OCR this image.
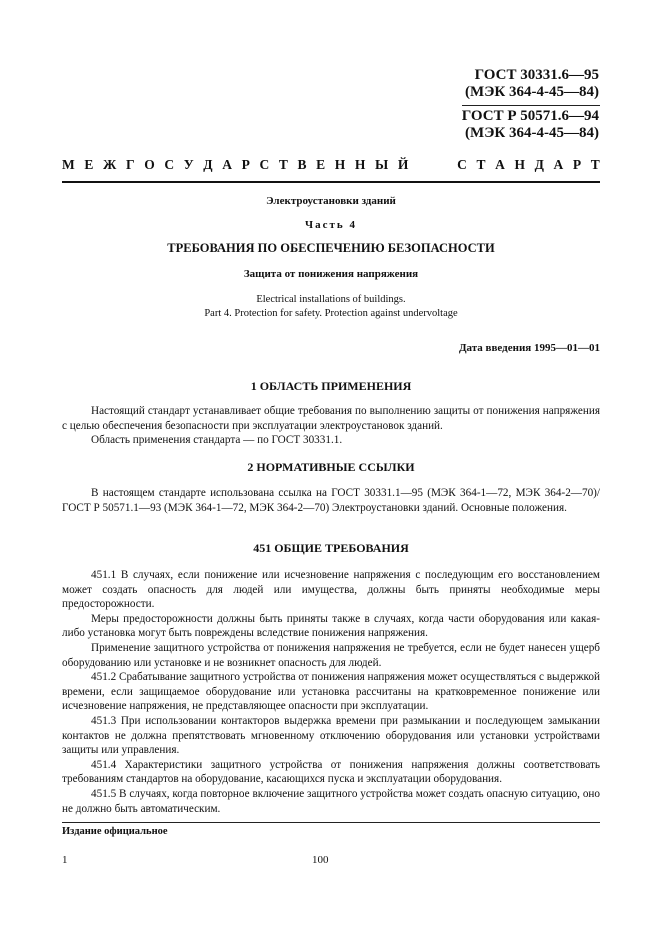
ГОСТ 30331.6—95
(МЭК 364-4-45—84)
ГОСТ Р 50571.6—94
(МЭК 364-4-45—84)
М Е Ж Г О С У Д А Р С Т В Е Н Н Ы Й

	С Т А Н Д А Р Т
Электроустановки зданий
Часть 4
ТРЕБОВАНИЯ ПО ОБЕСПЕЧЕНИЮ БЕЗОПАСНОСТИ
Защита от понижения напряжения
Electrical installations of buildings.
Part 4. Protection for safety. Protection against undervoltage
Дата введения 1995—01—01
1 ОБЛАСТЬ ПРИМЕНЕНИЯ

Настоящий стандарт устанавливает общие требования по выполнению защиты от понижения напряжения с целью обеспечения безопасности при эксплуатации электроустановок зданий.

Область применения стандарта — по ГОСТ 30331.1.

2 НОРМАТИВНЫЕ ССЫЛКИ

В настоящем стандарте использована ссылка на ГОСТ 30331.1—95 (МЭК 364-1—72, МЭК 364-2—70)/ГОСТ Р 50571.1—93 (МЭК 364-1—72, МЭК 364-2—70) Электроустановки зданий. Основные положения.

451 ОБЩИЕ ТРЕБОВАНИЯ

451.1 В случаях, если понижение или исчезновение напряжения с последующим его восстановлением может создать опасность для людей или имущества, должны быть приняты необходимые меры предосторожности.

Меры предосторожности должны быть приняты также в случаях, когда части оборудования или какая-либо установка могут быть повреждены вследствие понижения напряжения.

Применение защитного устройства от понижения напряжения не требуется, если не будет нанесен ущерб оборудованию или установке и не возникнет опасность для людей.

451.2 Срабатывание защитного устройства от понижения напряжения может осуществляться с выдержкой времени, если защищаемое оборудование или установка рассчитаны на кратковременное понижение или исчезновение напряжения, не представляющее опасности при эксплуатации.

451.3 При использовании контакторов выдержка времени при размыкании и последующем замыкании контактов не должна препятствовать мгновенному отключению оборудования или установки устройствами защиты или управления.

451.4 Характеристики защитного устройства от понижения напряжения должны соответствовать требованиям стандартов на оборудование, касающихся пуска и эксплуатации оборудования.

451.5 В случаях, когда повторное включение защитного устройства может создать опасную ситуацию, оно не должно быть автоматическим.

Издание официальное
1	100
